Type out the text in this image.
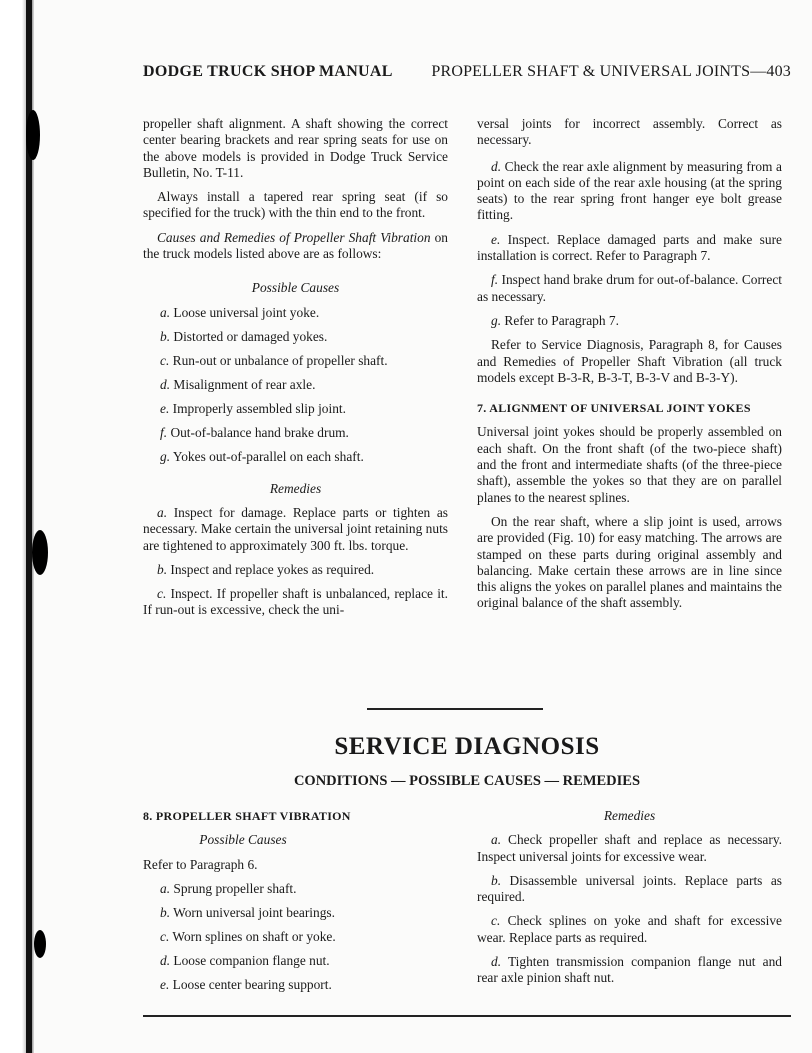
DODGE TRUCK SHOP MANUAL PROPELLER SHAFT & UNIVERSAL JOINTS—403
propeller shaft alignment. A shaft showing the correct center bearing brackets and rear spring seats for use on the above models is provided in Dodge Truck Service Bulletin, No. T-11.
Always install a tapered rear spring seat (if so specified for the truck) with the thin end to the front.
Causes and Remedies of Propeller Shaft Vibration on the truck models listed above are as follows:
Possible Causes
a. Loose universal joint yoke.
b. Distorted or damaged yokes.
c. Run-out or unbalance of propeller shaft.
d. Misalignment of rear axle.
e. Improperly assembled slip joint.
f. Out-of-balance hand brake drum.
g. Yokes out-of-parallel on each shaft.
Remedies
a. Inspect for damage. Replace parts or tighten as necessary. Make certain the universal joint retaining nuts are tightened to approximately 300 ft. lbs. torque.
b. Inspect and replace yokes as required.
c. Inspect. If propeller shaft is unbalanced, replace it. If run-out is excessive, check the uni-
versal joints for incorrect assembly. Correct as necessary.
d. Check the rear axle alignment by measuring from a point on each side of the rear axle housing (at the spring seats) to the rear spring front hanger eye bolt grease fitting.
e. Inspect. Replace damaged parts and make sure installation is correct. Refer to Paragraph 7.
f. Inspect hand brake drum for out-of-balance. Correct as necessary.
g. Refer to Paragraph 7.
Refer to Service Diagnosis, Paragraph 8, for Causes and Remedies of Propeller Shaft Vibration (all truck models except B-3-R, B-3-T, B-3-V and B-3-Y).
7. ALIGNMENT OF UNIVERSAL JOINT YOKES
Universal joint yokes should be properly assembled on each shaft. On the front shaft (of the two-piece shaft) and the front and intermediate shafts (of the three-piece shaft), assemble the yokes so that they are on parallel planes to the nearest splines.
On the rear shaft, where a slip joint is used, arrows are provided (Fig. 10) for easy matching. The arrows are stamped on these parts during original assembly and balancing. Make certain these arrows are in line since this aligns the yokes on parallel planes and maintains the original balance of the shaft assembly.
SERVICE DIAGNOSIS
CONDITIONS — POSSIBLE CAUSES — REMEDIES
8. PROPELLER SHAFT VIBRATION
Possible Causes
Refer to Paragraph 6.
a. Sprung propeller shaft.
b. Worn universal joint bearings.
c. Worn splines on shaft or yoke.
d. Loose companion flange nut.
e. Loose center bearing support.
Remedies
a. Check propeller shaft and replace as necessary. Inspect universal joints for excessive wear.
b. Disassemble universal joints. Replace parts as required.
c. Check splines on yoke and shaft for excessive wear. Replace parts as required.
d. Tighten transmission companion flange nut and rear axle pinion shaft nut.
